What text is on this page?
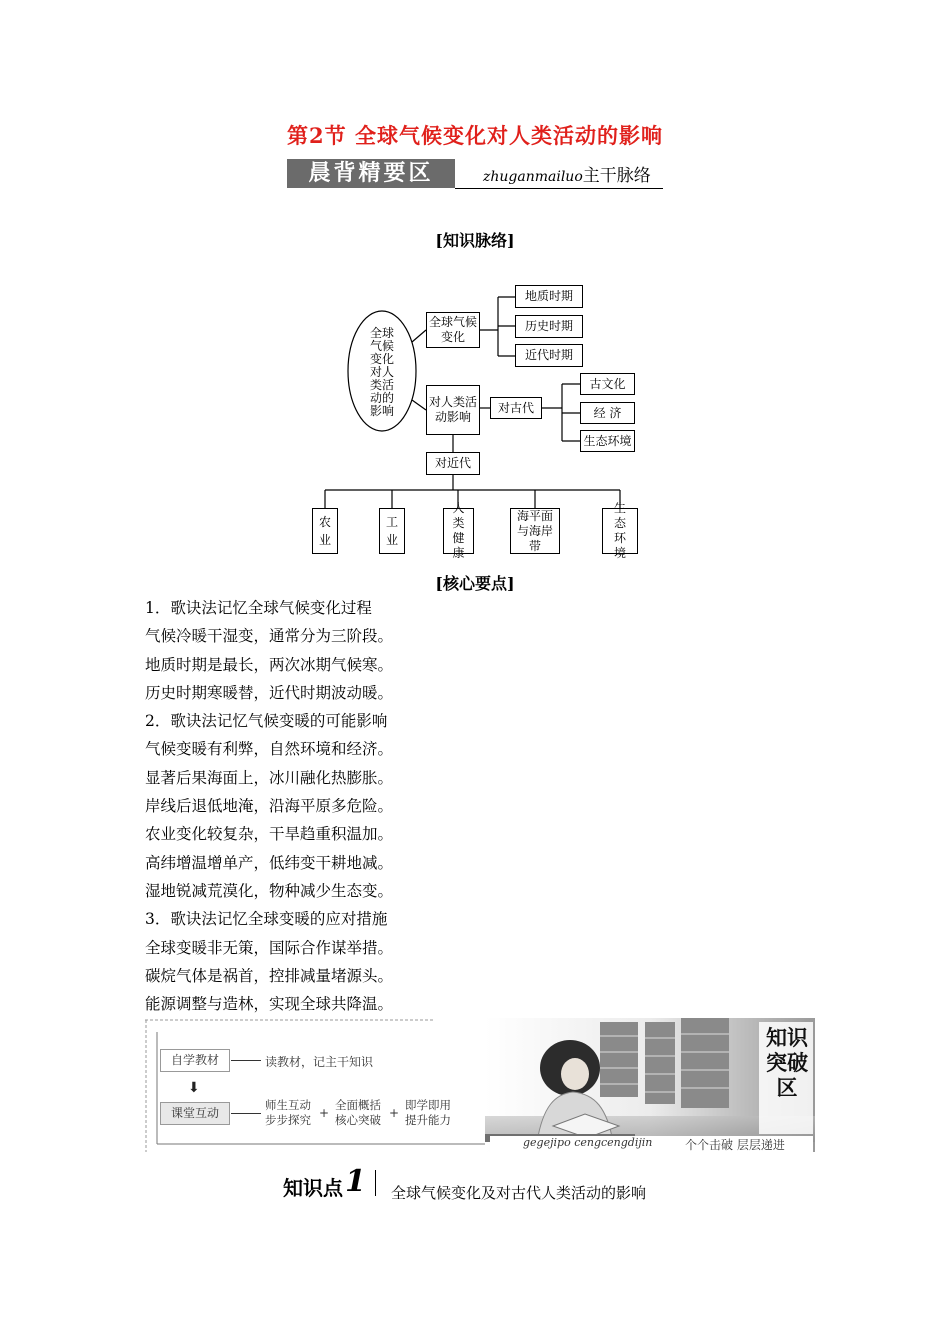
第2节 全球气候变化对人类活动的影响
晨背精要区	zhuganmailuo主干脉络
[知识脉络]
全球气候变化对人类活动的影响
全球气候变化
地质时期
历史时期
近代时期
对人类活动影响
对古代
古文化
经 济
生态环境
对近代
农业
工业
人类健康
海平面与海岸带
生态环境
[核心要点]
1．歌诀法记忆全球气候变化过程
气候冷暖干湿变，通常分为三阶段。
地质时期是最长，两次冰期气候寒。
历史时期寒暖替，近代时期波动暖。
2．歌诀法记忆气候变暖的可能影响
气候变暖有利弊，自然环境和经济。
显著后果海面上，冰川融化热膨胀。
岸线后退低地淹，沿海平原多危险。
农业变化较复杂，干旱趋重积温加。
高纬增温增单产，低纬变干耕地减。
湿地锐减荒漠化，物种减少生态变。
3．歌诀法记忆全球变暖的应对措施
全球变暖非无策，国际合作谋举措。
碳烷气体是祸首，控排减量堵源头。
能源调整与造林，实现全球共降温。
自学教材	读教材，记主干知识
⬇
课堂互动
师生互动步步探究 +
全面概括核心突破 +
即学即用提升能力
知识突破区
gegejipo cengcengdijin	个个击破 层层递进
知识点 1 全球气候变化及对古代人类活动的影响
